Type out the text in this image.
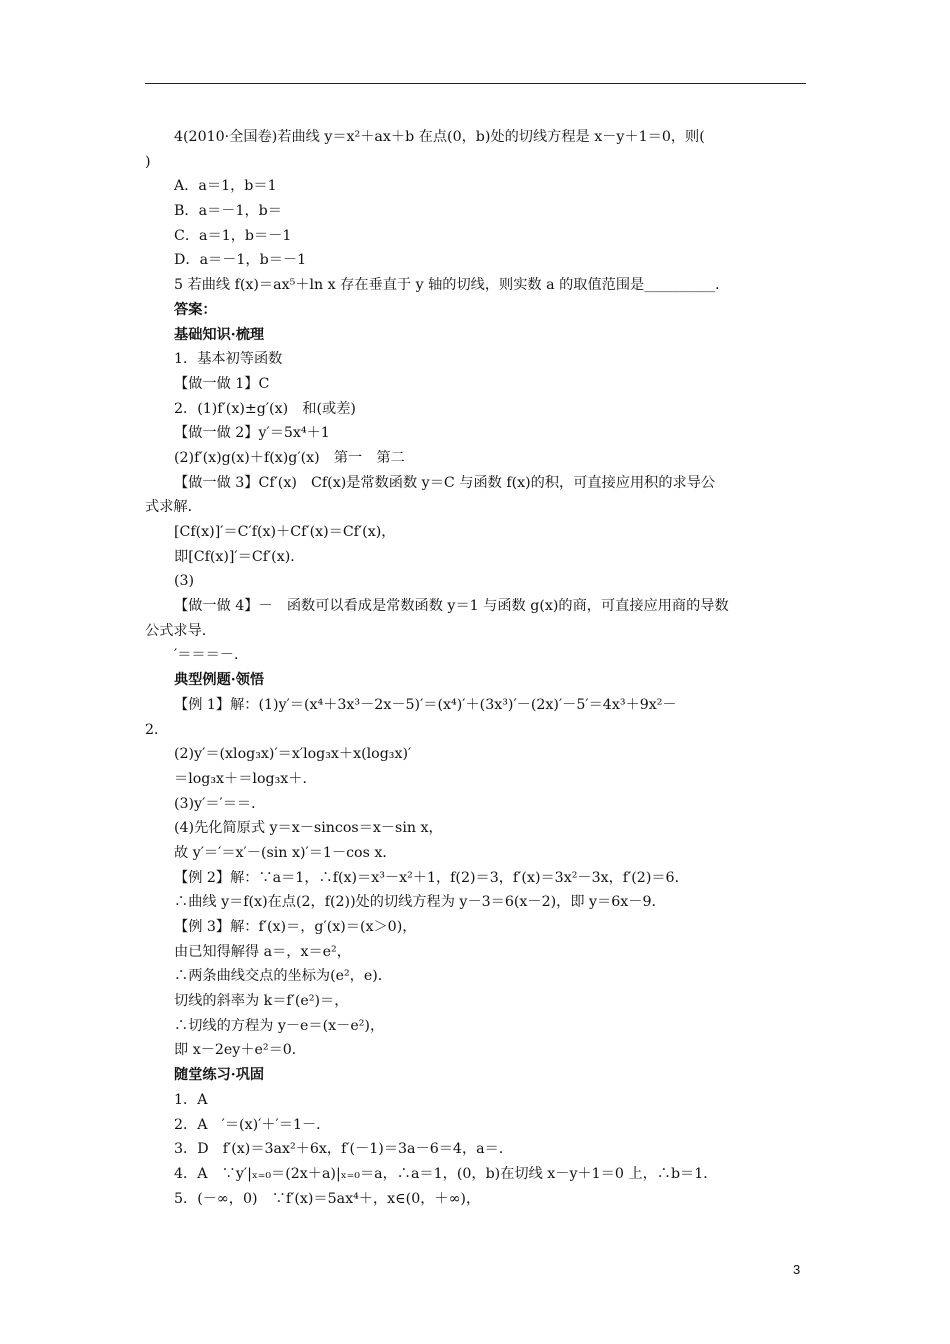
4(2010·全国卷)若曲线 y＝x²＋ax＋b 在点(0，b)处的切线方程是 x－y＋1＝0，则(
)
A．a＝1，b＝1
B．a＝－1，b＝
C．a＝1，b＝－1
D．a＝－1，b＝－1
5 若曲线 f(x)＝ax⁵＋ln x 存在垂直于 y 轴的切线，则实数 a 的取值范围是__________．
答案：
基础知识·梳理
1．基本初等函数
【做一做 1】C
2．(1)f′(x)±g′(x)　和(或差)
【做一做 2】y′＝5x⁴＋1
(2)f′(x)g(x)＋f(x)g′(x)　第一　第二
【做一做 3】Cf′(x)　Cf(x)是常数函数 y＝C 与函数 f(x)的积，可直接应用积的求导公
式求解．
[Cf(x)]′＝C′f(x)＋Cf′(x)＝Cf′(x)，
即[Cf(x)]′＝Cf′(x)．
(3)
【做一做 4】－　函数可以看成是常数函数 y＝1 与函数 g(x)的商，可直接应用商的导数
公式求导．
′＝＝＝－．
典型例题·领悟
【例 1】解：(1)y′＝(x⁴＋3x³－2x－5)′＝(x⁴)′＋(3x³)′－(2x)′－5′＝4x³＋9x²－
2．
(2)y′＝(xlog₃x)′＝x′log₃x＋x(log₃x)′
＝log₃x＋＝log₃x＋．
(3)y′＝′＝＝．
(4)先化简原式 y＝x－sincos＝x－sin x，
故 y′＝′＝x′－(sin x)′＝1－cos x．
【例 2】解：∵a＝1，∴f(x)＝x³－x²＋1，f(2)＝3，f′(x)＝3x²－3x，f′(2)＝6．
∴曲线 y＝f(x)在点(2，f(2))处的切线方程为 y－3＝6(x－2)，即 y＝6x－9．
【例 3】解：f′(x)＝，g′(x)＝(x＞0)，
由已知得解得 a＝，x＝e²，
∴两条曲线交点的坐标为(e²，e)．
切线的斜率为 k＝f′(e²)＝，
∴切线的方程为 y－e＝(x－e²)，
即 x－2ey＋e²＝0．
随堂练习·巩固
1．A
2．A　′＝(x)′＋′＝1－．
3．D　f′(x)＝3ax²＋6x，f′(－1)＝3a－6＝4，a＝．
4．A　∵y′|ₓ₌₀＝(2x＋a)|ₓ₌₀＝a，∴a＝1，(0，b)在切线 x－y＋1＝0 上，∴b＝1．
5．(－∞，0)　∵f′(x)＝5ax⁴＋，x∈(0，＋∞)，
3
